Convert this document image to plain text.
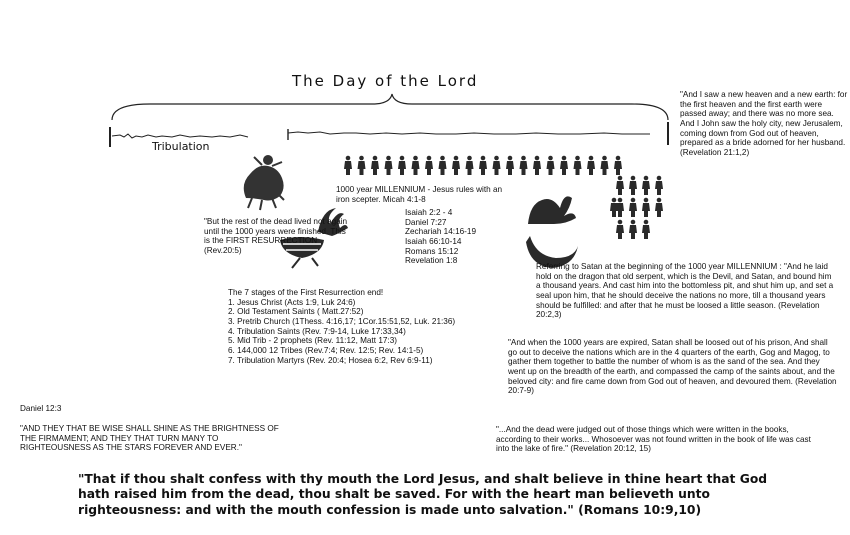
The Day of the Lord
Tribulation
"And I saw a new heaven and a new earth: for the first heaven and the first earth were passed away; and there was no more sea. And I John saw the holy city, new Jerusalem, coming down from God out of heaven, prepared as a bride adorned for her husband. (Revelation 21:1,2)
1000 year MILLENNIUM - Jesus rules with an iron scepter. Micah 4:1-8
Isaiah 2:2 - 4
Daniel 7:27
Zechariah 14:16-19
Isaiah 66:10-14
Romans 15:12
Revelation 1:8
"But the rest of the dead lived not again until the 1000 years were finished. This is the FIRST RESURRECTION (Rev.20:5)
The 7 stages of the First Resurrection end!
1. Jesus Christ (Acts 1:9, Luk 24:6)
2. Old Testament Saints ( Matt.27:52)
3. Pretrib Church (1Thess. 4:16,17; 1Cor.15:51,52, Luk. 21:36)
4. Tribulation Saints (Rev. 7:9-14, Luke 17:33,34)
5. Mid Trib - 2 prophets (Rev. 11:12, Matt 17:3)
6. 144,000 12 Tribes (Rev.7:4; Rev. 12:5; Rev. 14:1-5)
7. Tribulation Martyrs (Rev. 20:4; Hosea 6:2, Rev 6:9-11)
Referring to Satan at the beginning of the 1000 year MILLENNIUM : "And he laid hold on the dragon that old serpent, which is the Devil, and Satan, and bound him a thousand years. And cast him into the bottomless pit, and shut him up, and set a seal upon him, that he should deceive the nations no more, till a thousand years should be fulfilled: and after that he must be loosed a little season. (Revelation 20:2,3)
"And when the 1000 years are expired, Satan shall be loosed out of his prison, And shall go out to deceive the nations which are in the 4 quarters of the earth, Gog and Magog, to gather them together to battle the number of whom is as the sand of the sea. And they went up on the breadth of the earth, and compassed the camp of the saints about, and the beloved city: and fire came down from God out of heaven, and devoured them. (Revelation 20:7-9)
"...And the dead were judged out of those things which were written in the books, according to their works... Whosoever was not found written in the book of life was cast into the lake of fire." (Revelation 20:12, 15)
Daniel 12:3
"AND THEY THAT BE WISE SHALL SHINE AS THE BRIGHTNESS OF THE FIRMAMENT; AND THEY THAT TURN MANY TO RIGHTEOUSNESS AS THE STARS FOREVER AND EVER."
"That if thou shalt confess with thy mouth the Lord Jesus, and shalt believe in thine heart that God hath raised him from the dead, thou shalt be saved. For with the heart man believeth unto righteousness: and with the mouth confession is made unto salvation." (Romans 10:9,10)
